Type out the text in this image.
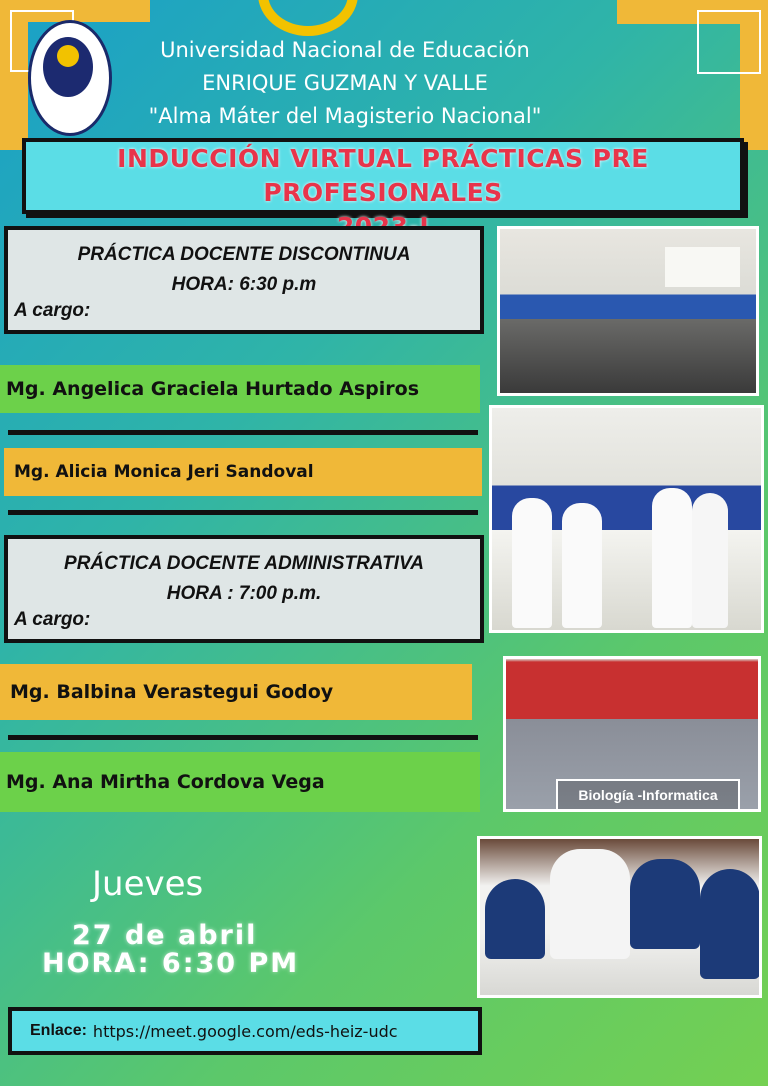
Universidad Nacional de Educación
ENRIQUE GUZMAN Y VALLE
"Alma Máter del Magisterio Nacional"
INDUCCIÓN VIRTUAL PRÁCTICAS PRE PROFESIONALES
PRÁCTICA DOCENTE DISCONTINUA
HORA: 6:30 p.m
A cargo:
Mg. Angelica Graciela Hurtado Aspiros
Mg. Alicia Monica Jeri Sandoval
PRÁCTICA DOCENTE ADMINISTRATIVA
HORA : 7:00 p.m.
A cargo:
Mg. Balbina Verastegui Godoy
Mg. Ana Mirtha Cordova Vega
Biología -Informatica
Jueves
27 de abril
HORA: 6:30 PM
Enlace: https://meet.google.com/eds-heiz-udc
